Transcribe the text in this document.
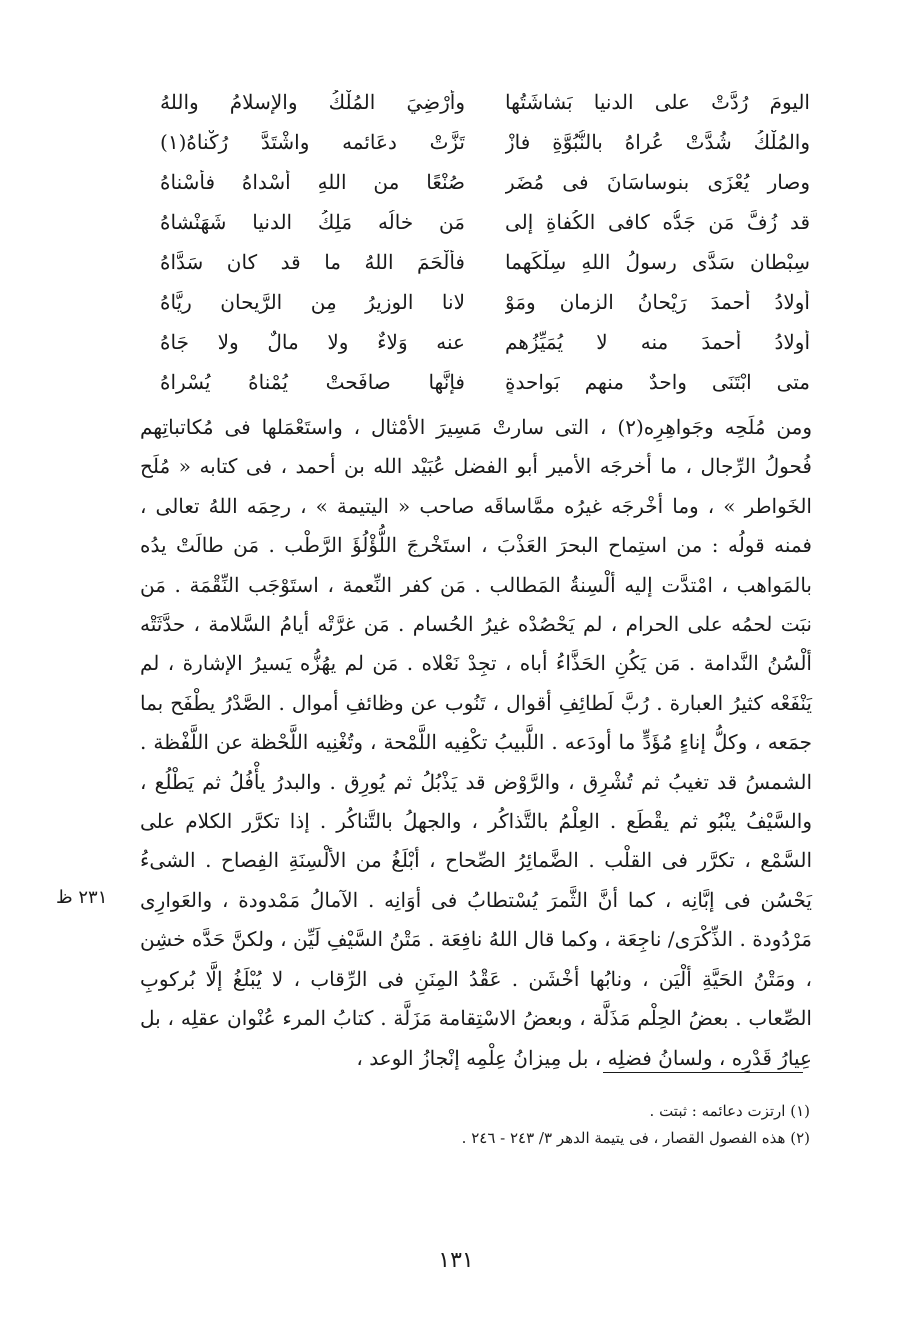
اليومَ رُدَّتْ على الدنيا بَشاشَتُها
وأُرْضِيَ المُلْكُ والإسلامُ واللهُ
والمُلْكُ شُدَّتْ عُراهُ بالنُّبُوَّةِ فازْ
تَزَّتْ دعَائمه واشْتَدَّ رُكْناهُ(١)
وصار يُعْزَى بنوساسَانَ فى مُضَرٍ
صُنْعًا من اللهِ أَسْداهُ فأَسْناهُ
قد زُفَّ مَن جَدُّه كافى الكُفاةِ إلى
مَن خالُه مَلِكُ الدنيا شَهَنْشاهُ
سِبْطان سَدَّى رسولُ اللهِ سِلْكَهما
فأَلْحَمَ اللهُ ما قد كان سَدَّاهُ
أولادُ أحمدَ رَيْحانُ الزمان ومَوْ
لانا الوزيرُ مِن الرَّيحانِ ريَّاهُ
أولادُ أحمدَ منه لا يُمَيِّزُهم
عنه وَلاءٌ ولا مالٌ ولا جَاهُ
متى ابْتَنَى واحدٌ منهم بَواحدةٍ
فإنَّها صافَحتْ يُمْناهُ يُسْراهُ

ومن مُلَحِه وجَواهِرِه(٢) ، التى سارتْ مَسِيرَ الأمْثال ، واستَعْمَلها فى مُكاتباتِهم فُحولُ الرِّجال ، ما أخرجَه الأمير أبو الفضل عُبَيْد الله بن أحمد ، فى كتابه « مُلَح الخَواطر » ، وما أخْرجَه غيرُه ممَّاساقَه صاحب « اليتيمة » ، رحِمَه اللهُ تعالى ، فمنه قولُه : من استِماح البحرَ العَذْبَ ، استَخْرجَ اللُّؤْلُؤَ الرَّطْب . مَن طالَتْ يدُه بالمَواهب ، امْتدَّت إليه ألْسِنةُ المَطالب . مَن كفر النِّعمة ، استَوْجَب النِّقْمَة . مَن نبَت لحمُه على الحرام ، لم يَحْصُدْه غيرُ الحُسام . مَن غرَّتْه أيامُ السَّلامة ، حدَّثَتْه ألْسُنُ النَّدامة . مَن يَكُنِ الحَذَّاءُ أباه ، تجِدْ نَعْلاه . مَن لم يهُزُّه يَسيرُ الإشارة ، لم يَنْفَعْه كثيرُ العبارة . رُبَّ لَطائِفِ أقوال ، تَنُوب عن وظائفِ أموال . الصَّدْرُ يطْفَح بما جمَعه ، وكلُّ إناءٍ مُؤَدٍّ ما أودَعه . اللَّبيبُ تكْفِيه اللَّمْحة ، وتُغْنِيه اللَّحْظة عن اللَّفْظة . الشمسُ قد تغيبُ ثم تُشْرِق ، والرَّوْض قد يَذْبُلُ ثم يُورِق . والبدرُ يأْفُلُ ثم يَطْلُع ، والسَّيْفُ ينْبُو ثم يقْطَع . العِلْمُ بالتَّذاكُر ، والجهلُ بالتَّناكُر . إذا تكرَّر الكلام على السَّمْع ، تكرَّر فى القلْب . الضَّمائِرُ الصِّحاح ، أبْلَغُ من الألْسِنَةِ الفِصاح . الشىءُ يَحْسُن فى إبَّانِه ، كما أنَّ الثَّمرَ يُسْتطابُ فى أوَانِه . الآمالُ مَمْدودة ، والعَوارِى مَرْدُودة . الذِّكْرَى/ ناجِعَة ، وكما قال اللهُ نافِعَة . مَتْنُ السَّيْفِ لَيِّن ، ولكنَّ حَدَّه خشِن ، ومَتْنُ الحَيَّةِ ألْيَن ، ونابُها أخْشَن . عَقْدُ المِنَنِ فى الرِّقاب ، لا يُبْلَغُ إلَّا بُركوبِ الصِّعاب . بعضُ الحِلْم مَذَلَّة ، وبعضُ الاسْتِقامة مَزَلَّة . كتابُ المرء عُنْوان عقلِه ، بل عِيارُ قَدْرِه ، ولسانُ فضلِه ، بل مِيزانُ عِلْمِه إنْجازُ الوعد ،

٢٣١ ظ
(١) ارتزت دعائمه : ثبتت .
(٢) هذه الفصول القصار ، فى يتيمة الدهر ٣/ ٢٤٣ - ٢٤٦ .
١٣١
